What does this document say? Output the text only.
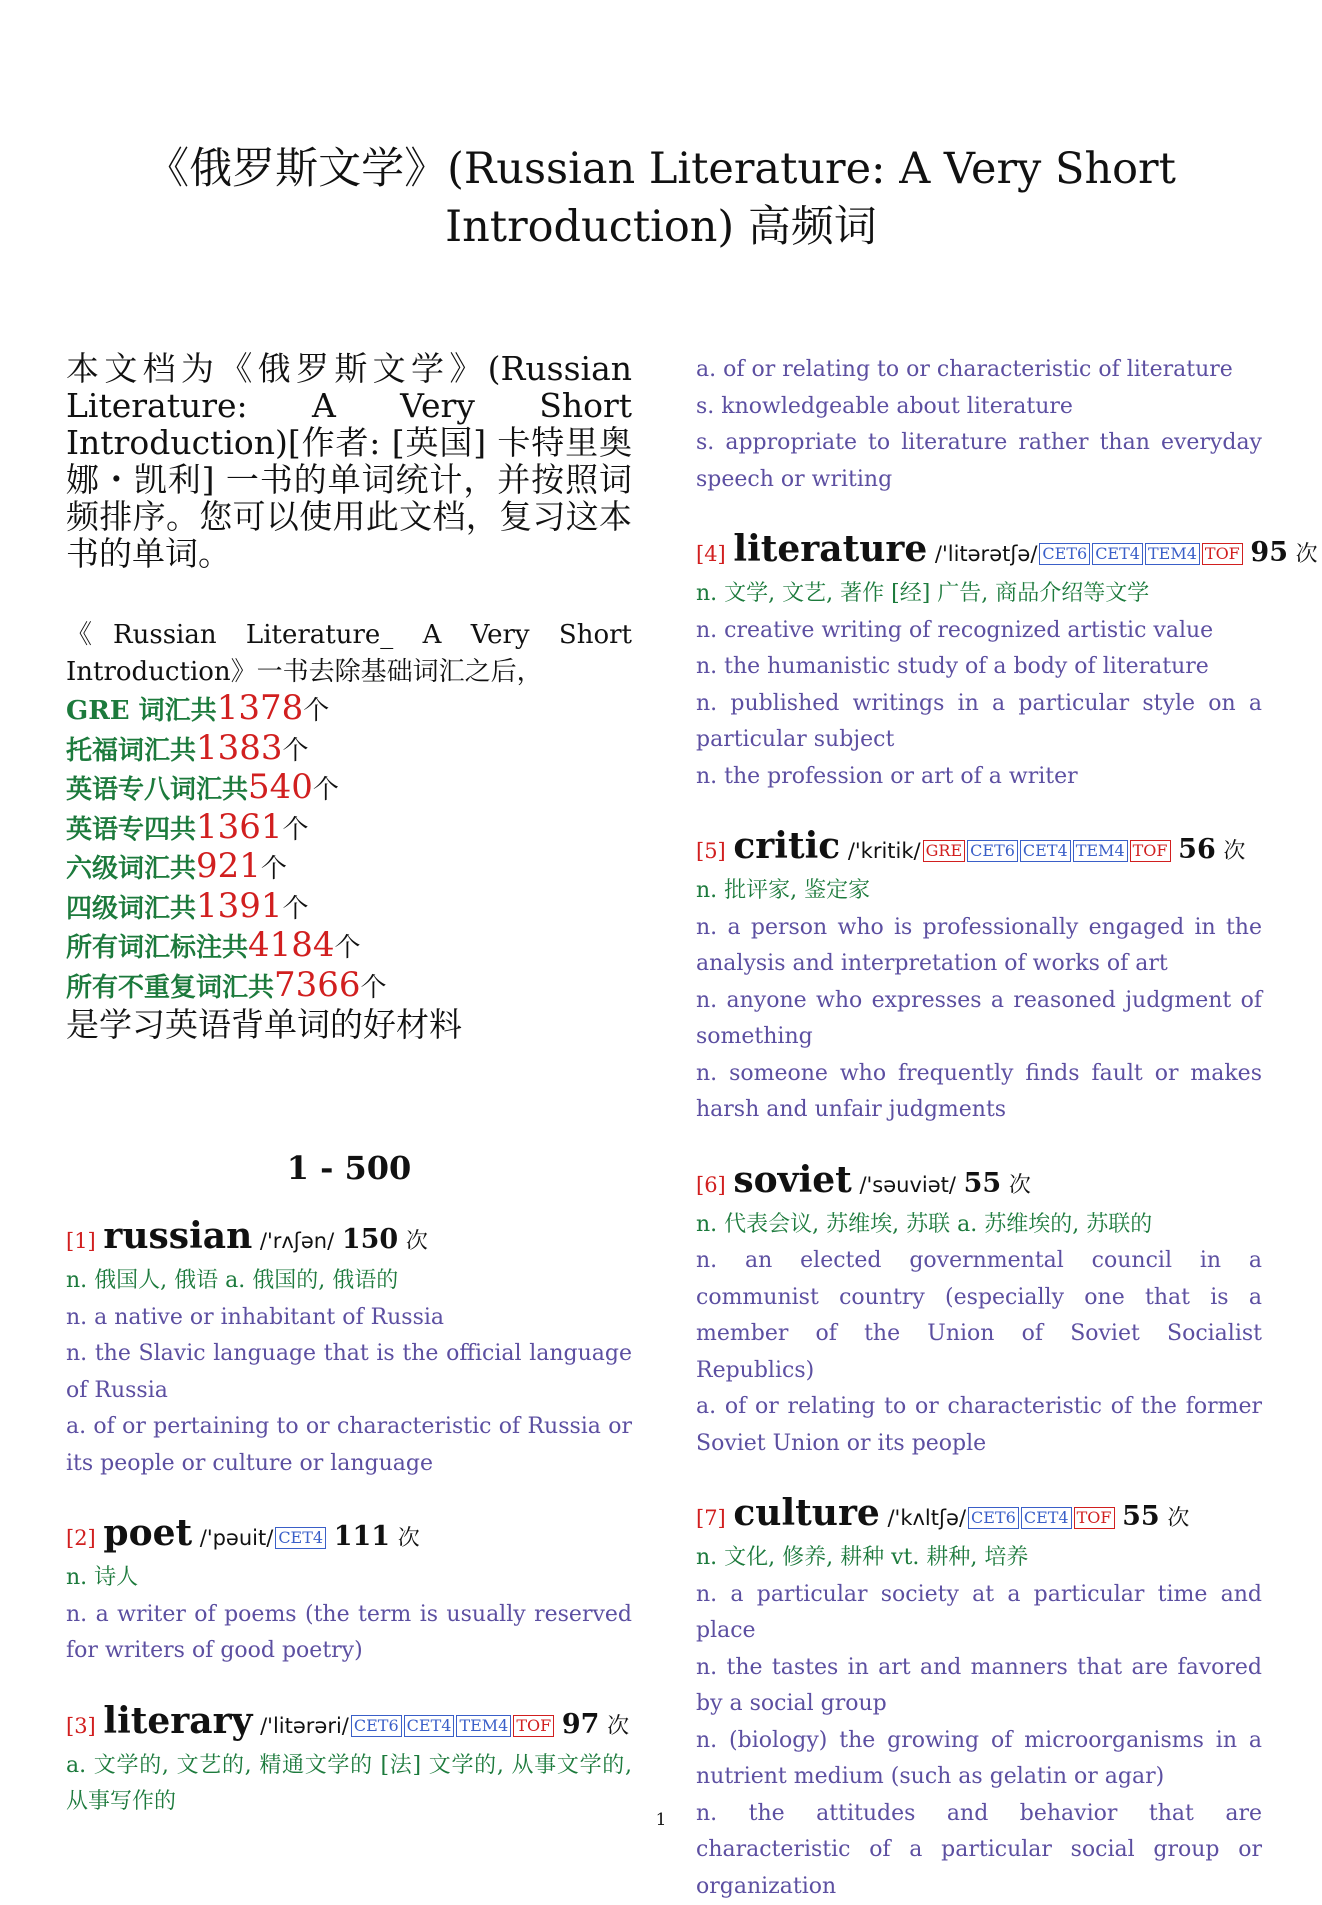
《俄罗斯文学》(Russian Literature: A Very Short Introduction) 高频词

本文档为《俄罗斯文学》(Russian Literature: A Very Short Introduction)[作者: [英国] 卡特里奥娜・凯利] 一书的单词统计，并按照词频排序。您可以使用此文档，复习这本书的单词。

《Russian Literature_ A Very Short Introduction》一书去除基础词汇之后，
GRE 词汇共1378个
托福词汇共1383个
英语专八词汇共540个
英语专四共1361个
六级词汇共921个
四级词汇共1391个
所有词汇标注共4184个
所有不重复词汇共7366个
是学习英语背单词的好材料
1 - 500
[1] russian /'rʌʃən/ 150 次
n. 俄国人, 俄语 a. 俄国的, 俄语的
n. a native or inhabitant of Russia
n. the Slavic language that is the official language of Russia
a. of or pertaining to or characteristic of Russia or its people or culture or language
[2] poet /'pəuit/ CET4 111 次
n. 诗人
n. a writer of poems (the term is usually reserved for writers of good poetry)
[3] literary /'litərəri/ CET6 CET4 TEM4 TOF 97 次
a. 文学的, 文艺的, 精通文学的 [法] 文学的, 从事文学的, 从事写作的
a. of or relating to or characteristic of literature
s. knowledgeable about literature
s. appropriate to literature rather than everyday speech or writing
[4] literature /'litərətʃə/ CET6 CET4 TEM4 TOF 95 次
n. 文学, 文艺, 著作 [经] 广告, 商品介绍等文学
n. creative writing of recognized artistic value
n. the humanistic study of a body of literature
n. published writings in a particular style on a particular subject
n. the profession or art of a writer
[5] critic /'kritik/ GRE CET6 CET4 TEM4 TOF 56 次
n. 批评家, 鉴定家
n. a person who is professionally engaged in the analysis and interpretation of works of art
n. anyone who expresses a reasoned judgment of something
n. someone who frequently finds fault or makes harsh and unfair judgments
[6] soviet /'səuviət/ 55 次
n. 代表会议, 苏维埃, 苏联 a. 苏维埃的, 苏联的
n. an elected governmental council in a communist country (especially one that is a member of the Union of Soviet Socialist Republics)
a. of or relating to or characteristic of the former Soviet Union or its people
[7] culture /'kʌltʃə/ CET6 CET4 TOF 55 次
n. 文化, 修养, 耕种 vt. 耕种, 培养
n. a particular society at a particular time and place
n. the tastes in art and manners that are favored by a social group
n. (biology) the growing of microorganisms in a nutrient medium (such as gelatin or agar)
n. the attitudes and behavior that are characteristic of a particular social group or organization
1
